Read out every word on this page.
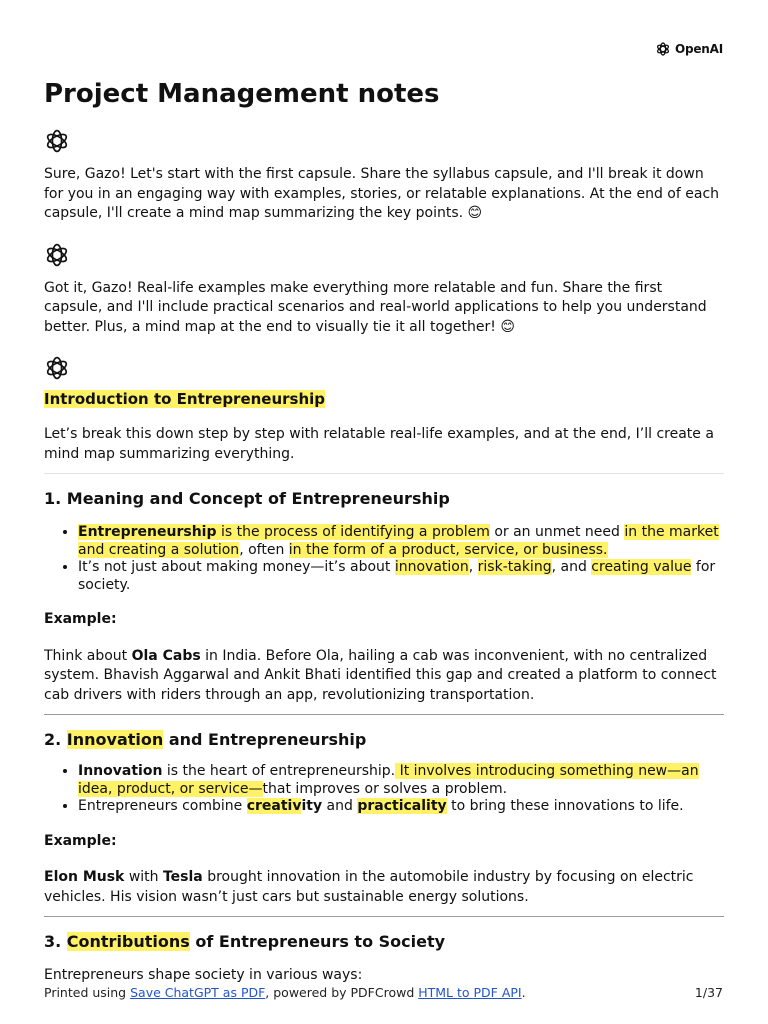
OpenAI
Project Management notes

Sure, Gazo! Let's start with the first capsule. Share the syllabus capsule, and I'll break it down for you in an engaging way with examples, stories, or relatable explanations. At the end of each capsule, I'll create a mind map summarizing the key points. 😊

Got it, Gazo! Real-life examples make everything more relatable and fun. Share the first capsule, and I'll include practical scenarios and real-world applications to help you understand better. Plus, a mind map at the end to visually tie it all together! 😊

Introduction to Entrepreneurship

Let’s break this down step by step with relatable real-life examples, and at the end, I’ll create a mind map summarizing everything.

1. Meaning and Concept of Entrepreneurship
• Entrepreneurship is the process of identifying a problem or an unmet need in the market and creating a solution, often in the form of a product, service, or business.
• It’s not just about making money—it’s about innovation, risk-taking, and creating value for society.

Example:

Think about Ola Cabs in India. Before Ola, hailing a cab was inconvenient, with no centralized system. Bhavish Aggarwal and Ankit Bhati identified this gap and created a platform to connect cab drivers with riders through an app, revolutionizing transportation.

2. Innovation and Entrepreneurship
• Innovation is the heart of entrepreneurship. It involves introducing something new—an idea, product, or service—that improves or solves a problem.
• Entrepreneurs combine creativity and practicality to bring these innovations to life.

Example:

Elon Musk with Tesla brought innovation in the automobile industry by focusing on electric vehicles. His vision wasn’t just cars but sustainable energy solutions.

3. Contributions of Entrepreneurs to Society

Entrepreneurs shape society in various ways:

Printed using Save ChatGPT as PDF, powered by PDFCrowd HTML to PDF API.	1/37
